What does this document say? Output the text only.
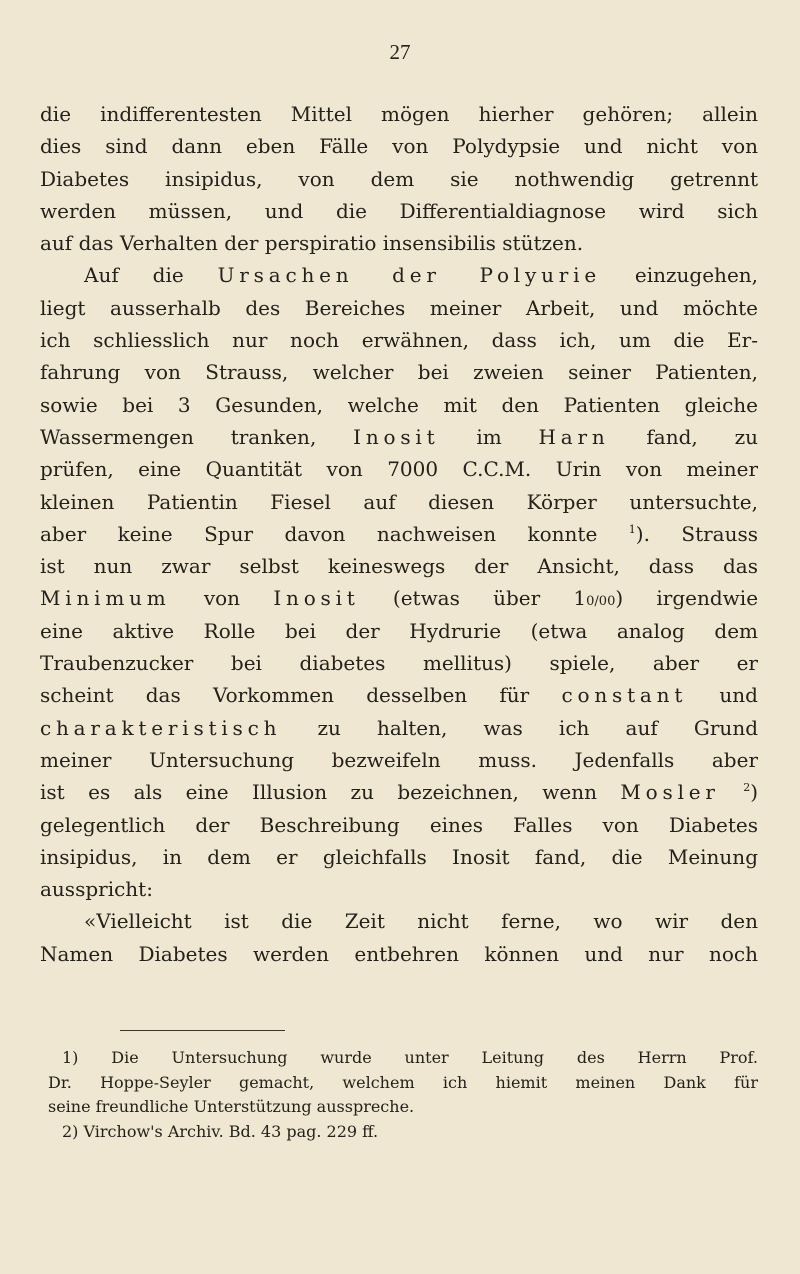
27
die indifferentesten Mittel mögen hierher gehören; allein
dies sind dann eben Fälle von Polydypsie und nicht von
Diabetes insipidus, von dem sie nothwendig getrennt
werden müssen, und die Differentialdiagnose wird sich
auf das Verhalten der perspiratio insensibilis stützen.
Auf die Ursachen der Polyurie einzugehen,
liegt ausserhalb des Bereiches meiner Arbeit, und möchte
ich schliesslich nur noch erwähnen, dass ich, um die Er-
fahrung von Strauss, welcher bei zweien seiner Patienten,
sowie bei 3 Gesunden, welche mit den Patienten gleiche
Wassermengen tranken, Inosit im Harn fand, zu
prüfen, eine Quantität von 7000 C.C.M. Urin von meiner
kleinen Patientin Fiesel auf diesen Körper untersuchte,
aber keine Spur davon nachweisen konnte	$^1$). Strauss
ist nun zwar selbst keineswegs der Ansicht, dass das
Minimum von Inosit (etwas über 10/00) irgendwie
eine aktive Rolle bei der Hydrurie (etwa analog dem
Traubenzucker bei diabetes mellitus) spiele, aber er
scheint das Vorkommen desselben für constant und
charakteristisch zu halten, was ich auf Grund
meiner Untersuchung bezweifeln muss. Jedenfalls aber
ist es als eine Illusion zu bezeichnen, wenn Mosler $^2$)
gelegentlich der Beschreibung eines Falles von Diabetes
insipidus, in dem er gleichfalls Inosit fand, die Meinung
ausspricht:
«Vielleicht ist die Zeit nicht ferne, wo wir den
Namen Diabetes werden entbehren können und nur noch
1) Die Untersuchung wurde unter Leitung des Herrn Prof.
Dr. Hoppe-Seyler gemacht, welchem ich hiemit meinen Dank für
seine freundliche Unterstützung ausspreche.
2) Virchow's Archiv. Bd. 43 pag. 229 ff.
